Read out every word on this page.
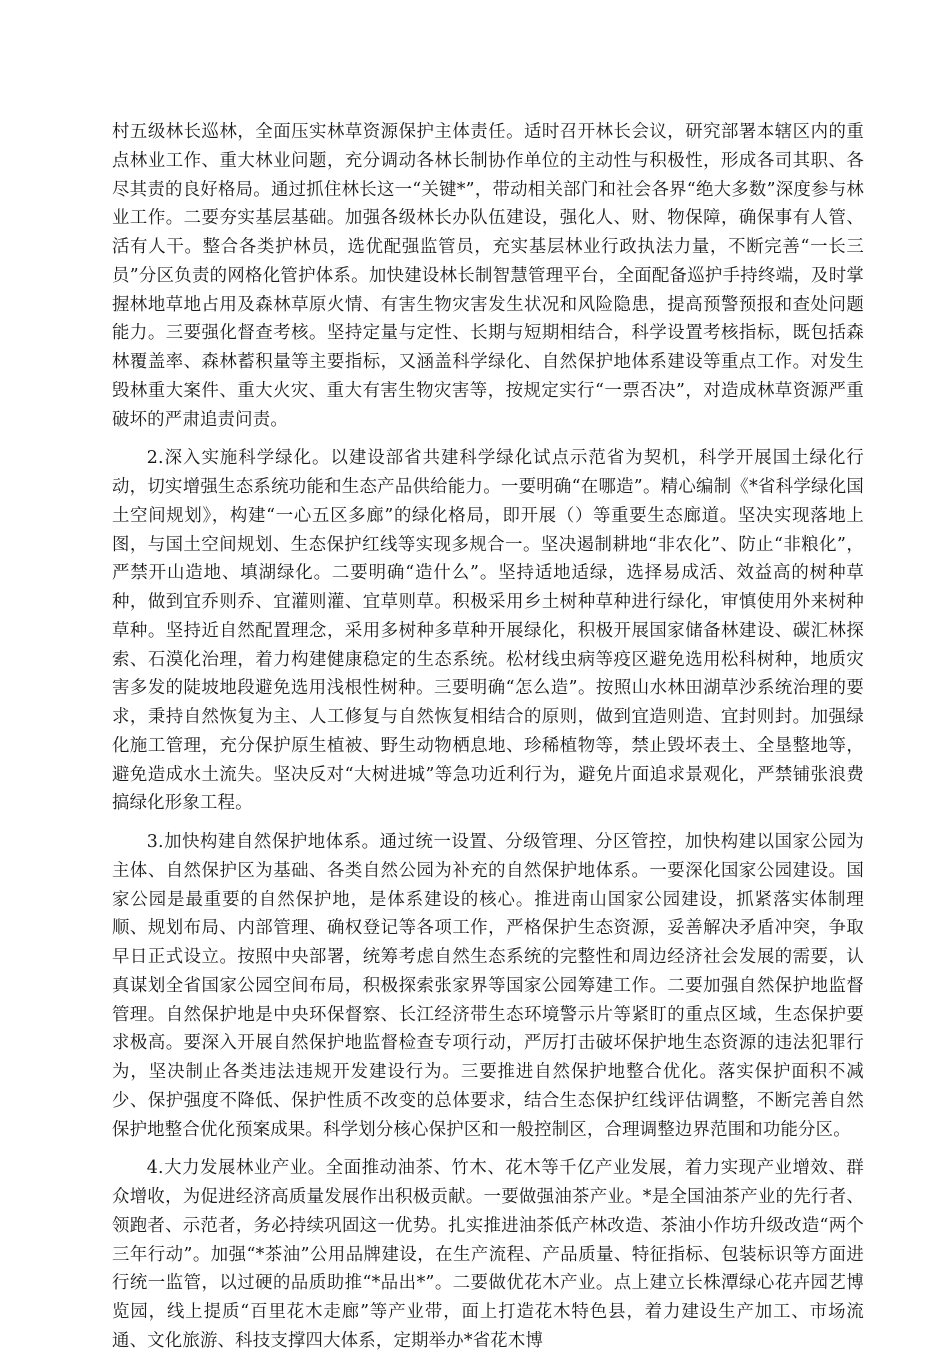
村五级林长巡林，全面压实林草资源保护主体责任。适时召开林长会议，研究部署本辖区内的重点林业工作、重大林业问题，充分调动各林长制协作单位的主动性与积极性，形成各司其职、各尽其责的良好格局。通过抓住林长这一“关键*”，带动相关部门和社会各界“绝大多数”深度参与林业工作。二要夯实基层基础。加强各级林长办队伍建设，强化人、财、物保障，确保事有人管、活有人干。整合各类护林员，选优配强监管员，充实基层林业行政执法力量，不断完善“一长三员”分区负责的网格化管护体系。加快建设林长制智慧管理平台，全面配备巡护手持终端，及时掌握林地草地占用及森林草原火情、有害生物灾害发生状况和风险隐患，提高预警预报和查处问题能力。三要强化督查考核。坚持定量与定性、长期与短期相结合，科学设置考核指标，既包括森林覆盖率、森林蓄积量等主要指标，又涵盖科学绿化、自然保护地体系建设等重点工作。对发生毁林重大案件、重大火灾、重大有害生物灾害等，按规定实行“一票否决”，对造成林草资源严重破坏的严肃追责问责。

2.深入实施科学绿化。以建设部省共建科学绿化试点示范省为契机，科学开展国土绿化行动，切实增强生态系统功能和生态产品供给能力。一要明确“在哪造”。精心编制《*省科学绿化国土空间规划》，构建“一心五区多廊”的绿化格局，即开展（）等重要生态廊道。坚决实现落地上图，与国土空间规划、生态保护红线等实现多规合一。坚决遏制耕地“非农化”、防止“非粮化”，严禁开山造地、填湖绿化。二要明确“造什么”。坚持适地适绿，选择易成活、效益高的树种草种，做到宜乔则乔、宜灌则灌、宜草则草。积极采用乡土树种草种进行绿化，审慎使用外来树种草种。坚持近自然配置理念，采用多树种多草种开展绿化，积极开展国家储备林建设、碳汇林探索、石漠化治理，着力构建健康稳定的生态系统。松材线虫病等疫区避免选用松科树种，地质灾害多发的陡坡地段避免选用浅根性树种。三要明确“怎么造”。按照山水林田湖草沙系统治理的要求，秉持自然恢复为主、人工修复与自然恢复相结合的原则，做到宜造则造、宜封则封。加强绿化施工管理，充分保护原生植被、野生动物栖息地、珍稀植物等，禁止毁坏表土、全垦整地等，避免造成水土流失。坚决反对“大树进城”等急功近利行为，避免片面追求景观化，严禁铺张浪费搞绿化形象工程。

3.加快构建自然保护地体系。通过统一设置、分级管理、分区管控，加快构建以国家公园为主体、自然保护区为基础、各类自然公园为补充的自然保护地体系。一要深化国家公园建设。国家公园是最重要的自然保护地，是体系建设的核心。推进南山国家公园建设，抓紧落实体制理顺、规划布局、内部管理、确权登记等各项工作，严格保护生态资源，妥善解决矛盾冲突，争取早日正式设立。按照中央部署，统筹考虑自然生态系统的完整性和周边经济社会发展的需要，认真谋划全省国家公园空间布局，积极探索张家界等国家公园筹建工作。二要加强自然保护地监督管理。自然保护地是中央环保督察、长江经济带生态环境警示片等紧盯的重点区域，生态保护要求极高。要深入开展自然保护地监督检查专项行动，严厉打击破坏保护地生态资源的违法犯罪行为，坚决制止各类违法违规开发建设行为。三要推进自然保护地整合优化。落实保护面积不减少、保护强度不降低、保护性质不改变的总体要求，结合生态保护红线评估调整，不断完善自然保护地整合优化预案成果。科学划分核心保护区和一般控制区，合理调整边界范围和功能分区。

4.大力发展林业产业。全面推动油茶、竹木、花木等千亿产业发展，着力实现产业增效、群众增收，为促进经济高质量发展作出积极贡献。一要做强油茶产业。*是全国油茶产业的先行者、领跑者、示范者，务必持续巩固这一优势。扎实推进油茶低产林改造、茶油小作坊升级改造“两个三年行动”。加强“*茶油”公用品牌建设，在生产流程、产品质量、特征指标、包装标识等方面进行统一监管，以过硬的品质助推“*品出*”。二要做优花木产业。点上建立长株潭绿心花卉园艺博览园，线上提质“百里花木走廊”等产业带，面上打造花木特色县，着力建设生产加工、市场流通、文化旅游、科技支撑四大体系，定期举办*省花木博
